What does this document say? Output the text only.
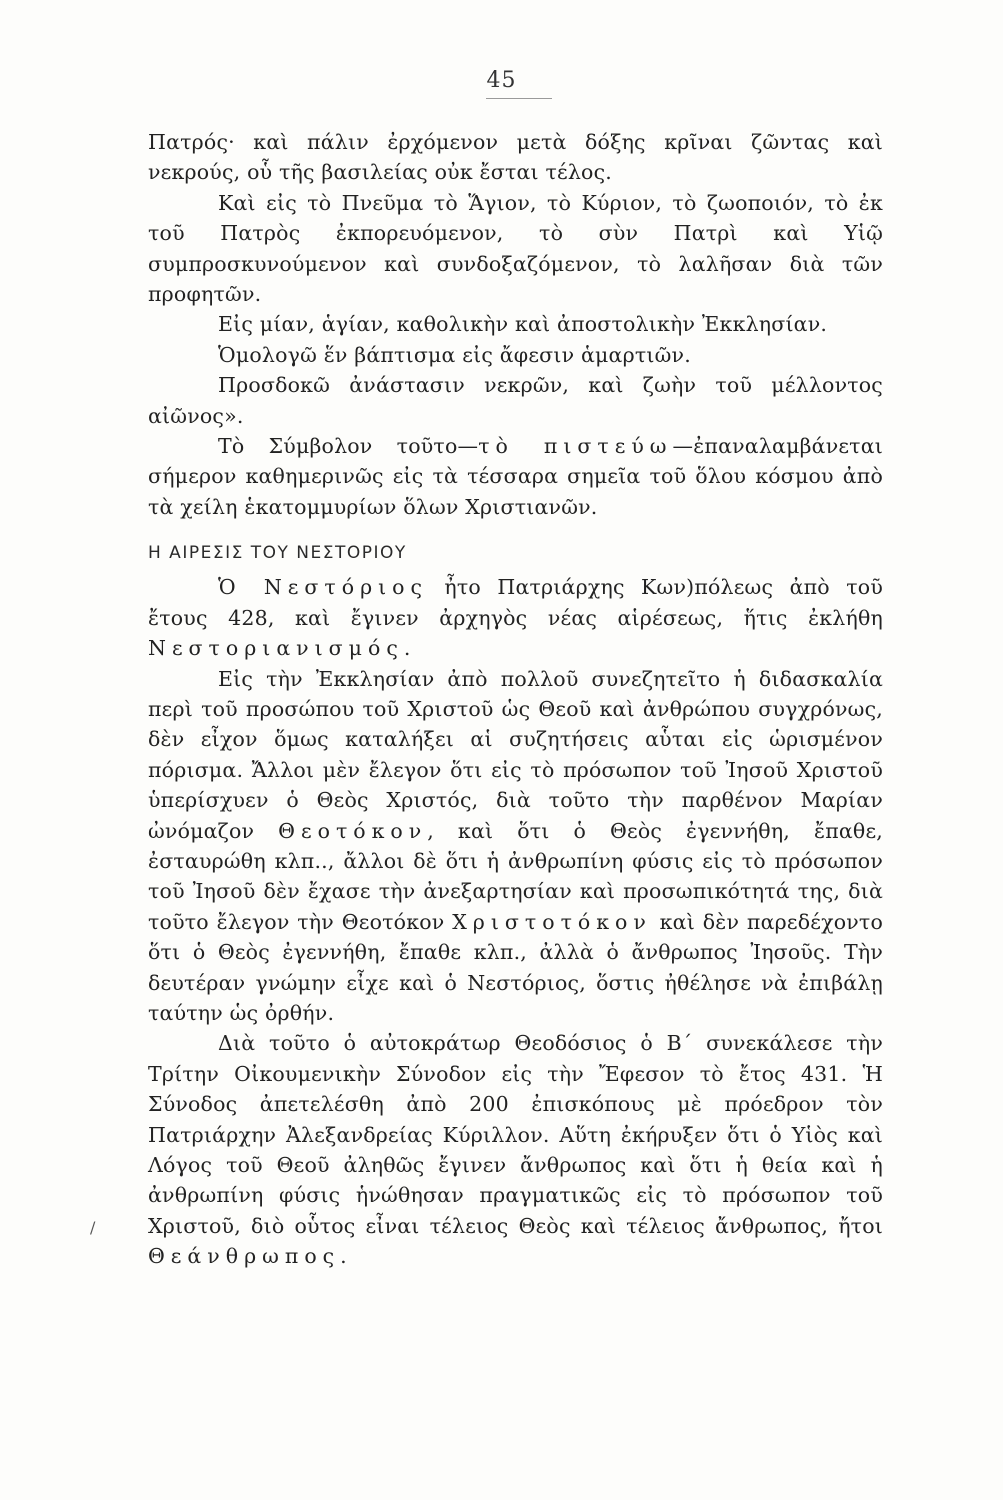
45
/

Πατρός· καὶ πάλιν ἐρχόμενον μετὰ δόξης κρῖναι ζῶντας καὶ νεκρούς, οὗ τῆς βασιλείας οὐκ ἔσται τέλος.

Καὶ εἰς τὸ Πνεῦμα τὸ Ἅγιον, τὸ Κύριον, τὸ ζωοποιόν, τὸ ἐκ τοῦ Πατρὸς ἐκπορευόμενον, τὸ σὺν Πατρὶ καὶ Υἱῷ συμπροσκυνούμενον καὶ συνδοξαζόμενον, τὸ λαλῆσαν διὰ τῶν προφητῶν.

Εἰς μίαν, ἁγίαν, καθολικὴν καὶ ἀποστολικὴν Ἐκκλησίαν.

Ὁμολογῶ ἕν βάπτισμα εἰς ἄφεσιν ἁμαρτιῶν.

Προσδοκῶ ἀνάστασιν νεκρῶν, καὶ ζωὴν τοῦ μέλλοντος αἰῶνος».

Τὸ Σύμβολον τοῦτο—τὸ πιστεύω—ἐπαναλαμβάνεται σήμερον καθημερινῶς εἰς τὰ τέσσαρα σημεῖα τοῦ ὅλου κόσμου ἀπὸ τὰ χείλη ἑκατομμυρίων ὅλων Χριστιανῶν.

Η ΑΙΡΕΣΙΣ ΤΟΥ ΝΕΣΤΟΡΙΟΥ

Ὁ Νεστόριος ἦτο Πατριάρχης Κων)πόλεως ἀπὸ τοῦ ἔτους 428, καὶ ἔγινεν ἀρχηγὸς νέας αἱρέσεως, ἥτις ἐκλήθη Νεστοριανισμός.

Εἰς τὴν Ἐκκλησίαν ἀπὸ πολλοῦ συνεζητεῖτο ἡ διδασκαλία περὶ τοῦ προσώπου τοῦ Χριστοῦ ὡς Θεοῦ καὶ ἀνθρώπου συγχρόνως, δὲν εἶχον ὅμως καταλήξει αἱ συζητήσεις αὗται εἰς ὡρισμένον πόρισμα. Ἄλλοι μὲν ἔλεγον ὅτι εἰς τὸ πρόσωπον τοῦ Ἰησοῦ Χριστοῦ ὑπερίσχυεν ὁ Θεὸς Χριστός, διὰ τοῦτο τὴν παρθένον Μαρίαν ὠνόμαζον Θεοτόκον, καὶ ὅτι ὁ Θεὸς ἐγεννήθη, ἔπαθε, ἐσταυρώθη κλπ.., ἄλλοι δὲ ὅτι ἡ ἀνθρωπίνη φύσις εἰς τὸ πρόσωπον τοῦ Ἰησοῦ δὲν ἔχασε τὴν ἀνεξαρτησίαν καὶ προσωπικότητά της, διὰ τοῦτο ἔλεγον τὴν Θεοτόκον Χριστοτόκον καὶ δὲν παρεδέχοντο ὅτι ὁ Θεὸς ἐγεννήθη, ἔπαθε κλπ., ἀλλὰ ὁ ἄνθρωπος Ἰησοῦς. Τὴν δευτέραν γνώμην εἶχε καὶ ὁ Νεστόριος, ὅστις ἠθέλησε νὰ ἐπιβάλῃ ταύτην ὡς ὀρθήν.

Διὰ τοῦτο ὁ αὐτοκράτωρ Θεοδόσιος ὁ Β΄ συνεκάλεσε τὴν Τρίτην Οἰκουμενικὴν Σύνοδον εἰς τὴν Ἔφεσον τὸ ἔτος 431. Ἡ Σύνοδος ἀπετελέσθη ἀπὸ 200 ἐπισκόπους μὲ πρόεδρον τὸν Πατριάρχην Ἀλεξανδρείας Κύριλλον. Αὕτη ἐκήρυξεν ὅτι ὁ Υἱὸς καὶ Λόγος τοῦ Θεοῦ ἀληθῶς ἔγινεν ἄνθρωπος καὶ ὅτι ἡ θεία καὶ ἡ ἀνθρωπίνη φύσις ἡνώθησαν πραγματικῶς εἰς τὸ πρόσωπον τοῦ Χριστοῦ, διὸ οὗτος εἶναι τέλειος Θεὸς καὶ τέλειος ἄνθρωπος, ἤτοι Θεάνθρωπος.
